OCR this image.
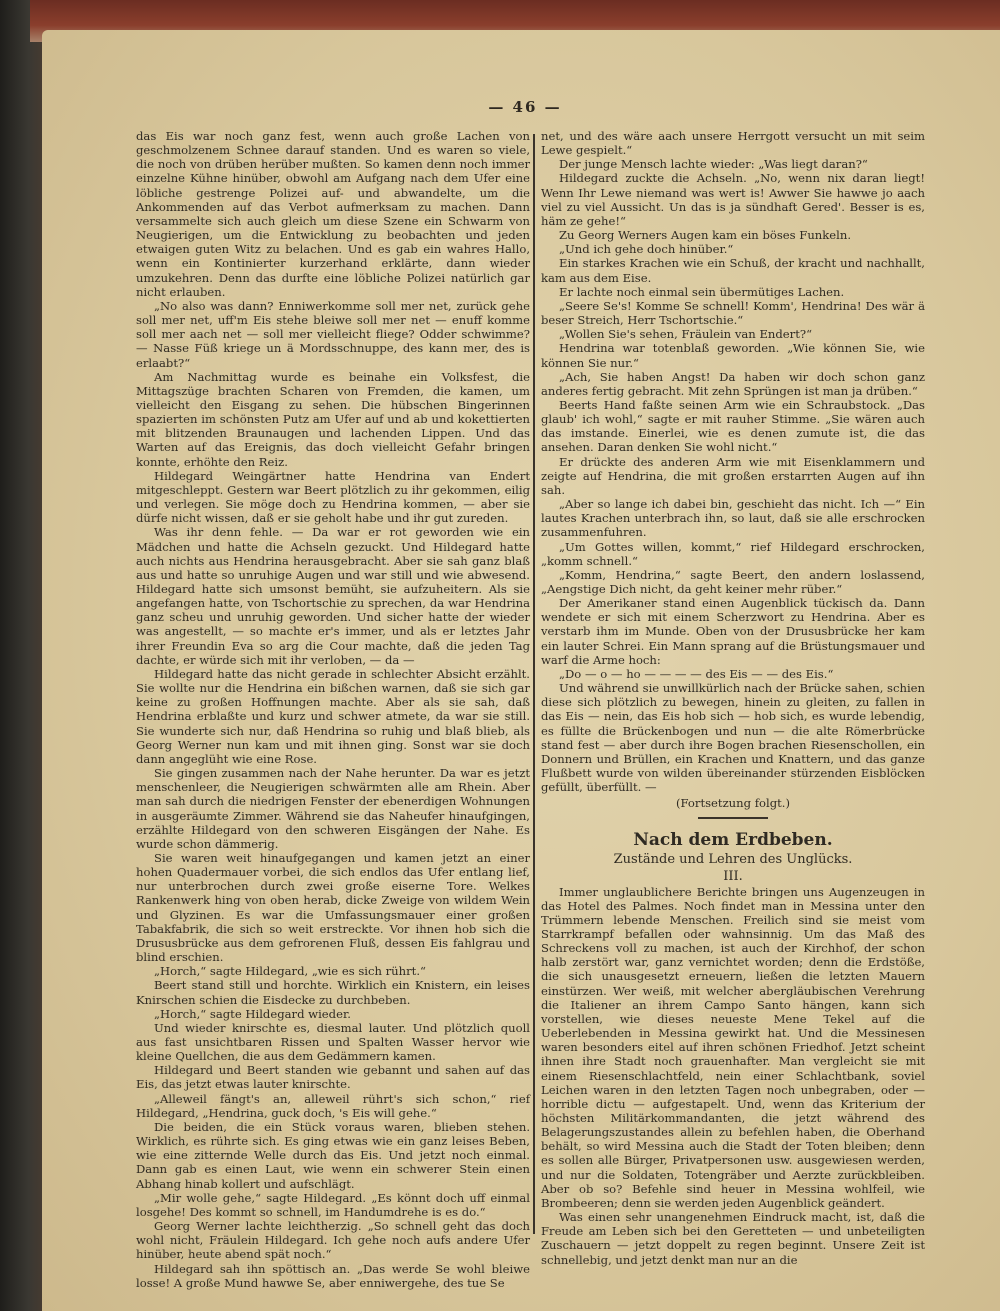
— 46 —

das Eis war noch ganz fest, wenn auch große Lachen von geschmolzenem Schnee darauf standen. Und es waren so viele, die noch von drüben herüber mußten. So kamen denn noch immer einzelne Kühne hinüber, obwohl am Aufgang nach dem Ufer eine löbliche gestrenge Polizei auf- und abwandelte, um die Ankommenden auf das Verbot aufmerksam zu machen. Dann versammelte sich auch gleich um diese Szene ein Schwarm von Neugierigen, um die Entwicklung zu beobachten und jeden etwaigen guten Witz zu belachen. Und es gab ein wahres Hallo, wenn ein Kontinierter kurzerhand erklärte, dann wieder umzukehren. Denn das durfte eine löbliche Polizei natürlich gar nicht erlauben.

„No also was dann? Enniwerkomme soll mer net, zurück gehe soll mer net, uff'm Eis stehe bleiwe soll mer net — enuff komme soll mer aach net — soll mer vielleicht fliege? Odder schwimme? — Nasse Füß kriege un ä Mordsschnuppe, des kann mer, des is erlaabt?“

Am Nachmittag wurde es beinahe ein Volksfest, die Mittagszüge brachten Scharen von Fremden, die kamen, um vielleicht den Eisgang zu sehen. Die hübschen Bingerinnen spazierten im schönsten Putz am Ufer auf und ab und kokettierten mit blitzenden Braunaugen und lachenden Lippen. Und das Warten auf das Ereignis, das doch vielleicht Gefahr bringen konnte, erhöhte den Reiz.

Hildegard Weingärtner hatte Hendrina van Endert mitgeschleppt. Gestern war Beert plötzlich zu ihr gekommen, eilig und verlegen. Sie möge doch zu Hendrina kommen, — aber sie dürfe nicht wissen, daß er sie geholt habe und ihr gut zureden.

Was ihr denn fehle. — Da war er rot geworden wie ein Mädchen und hatte die Achseln gezuckt. Und Hildegard hatte auch nichts aus Hendrina herausgebracht. Aber sie sah ganz blaß aus und hatte so unruhige Augen und war still und wie abwesend. Hildegard hatte sich umsonst bemüht, sie aufzuheitern. Als sie angefangen hatte, von Tschortschie zu sprechen, da war Hendrina ganz scheu und unruhig geworden. Und sicher hatte der wieder was angestellt, — so machte er's immer, und als er letztes Jahr ihrer Freundin Eva so arg die Cour machte, daß die jeden Tag dachte, er würde sich mit ihr verloben, — da —

Hildegard hatte das nicht gerade in schlechter Absicht erzählt. Sie wollte nur die Hendrina ein bißchen warnen, daß sie sich gar keine zu großen Hoffnungen machte. Aber als sie sah, daß Hendrina erblaßte und kurz und schwer atmete, da war sie still. Sie wunderte sich nur, daß Hendrina so ruhig und blaß blieb, als Georg Werner nun kam und mit ihnen ging. Sonst war sie doch dann angeglüht wie eine Rose.

Sie gingen zusammen nach der Nahe herunter. Da war es jetzt menschenleer, die Neugierigen schwärmten alle am Rhein. Aber man sah durch die niedrigen Fenster der ebenerdigen Wohnungen in ausgeräumte Zimmer. Während sie das Naheufer hinaufgingen, erzählte Hildegard von den schweren Eisgängen der Nahe. Es wurde schon dämmerig.

Sie waren weit hinaufgegangen und kamen jetzt an einer hohen Quadermauer vorbei, die sich endlos das Ufer entlang lief, nur unterbrochen durch zwei große eiserne Tore. Welkes Rankenwerk hing von oben herab, dicke Zweige von wildem Wein und Glyzinen. Es war die Umfassungsmauer einer großen Tabakfabrik, die sich so weit erstreckte. Vor ihnen hob sich die Drususbrücke aus dem gefrorenen Fluß, dessen Eis fahlgrau und blind erschien.

„Horch,“ sagte Hildegard, „wie es sich rührt.“

Beert stand still und horchte. Wirklich ein Knistern, ein leises Knirschen schien die Eisdecke zu durchbeben.

„Horch,“ sagte Hildegard wieder.

Und wieder knirschte es, diesmal lauter. Und plötzlich quoll aus fast unsichtbaren Rissen und Spalten Wasser hervor wie kleine Quellchen, die aus dem Gedämmern kamen.

Hildegard und Beert standen wie gebannt und sahen auf das Eis, das jetzt etwas lauter knirschte.

„Alleweil fängt's an, alleweil rührt's sich schon,“ rief Hildegard, „Hendrina, guck doch, 's Eis will gehe.“

Die beiden, die ein Stück voraus waren, blieben stehen. Wirklich, es rührte sich. Es ging etwas wie ein ganz leises Beben, wie eine zitternde Welle durch das Eis. Und jetzt noch einmal. Dann gab es einen Laut, wie wenn ein schwerer Stein einen Abhang hinab kollert und aufschlägt.

„Mir wolle gehe,“ sagte Hildegard. „Es könnt doch uff einmal losgehe! Des kommt so schnell, im Handumdrehe is es do.“

Georg Werner lachte leichtherzig. „So schnell geht das doch wohl nicht, Fräulein Hildegard. Ich gehe noch aufs andere Ufer hinüber, heute abend spät noch.“

Hildegard sah ihn spöttisch an. „Das werde Se wohl bleiwe losse! A große Mund hawwe Se, aber enniwergehe, des tue Se

net, und des wäre aach unsere Herrgott versucht un mit seim Lewe gespielt.“

Der junge Mensch lachte wieder: „Was liegt daran?“

Hildegard zuckte die Achseln. „No, wenn nix daran liegt! Wenn Ihr Lewe niemand was wert is! Awwer Sie hawwe jo aach viel zu viel Aussicht. Un das is ja sündhaft Gered'. Besser is es, häm ze gehe!“

Zu Georg Werners Augen kam ein böses Funkeln.

„Und ich gehe doch hinüber.“

Ein starkes Krachen wie ein Schuß, der kracht und nachhallt, kam aus dem Eise.

Er lachte noch einmal sein übermütiges Lachen.

„Seere Se's! Komme Se schnell! Komm', Hendrina! Des wär ä beser Streich, Herr Tschortschie.“

„Wollen Sie's sehen, Fräulein van Endert?“

Hendrina war totenblaß geworden. „Wie können Sie, wie können Sie nur.“

„Ach, Sie haben Angst! Da haben wir doch schon ganz anderes fertig gebracht. Mit zehn Sprüngen ist man ja drüben.“

Beerts Hand faßte seinen Arm wie ein Schraubstock. „Das glaub' ich wohl,“ sagte er mit rauher Stimme. „Sie wären auch das imstande. Einerlei, wie es denen zumute ist, die das ansehen. Daran denken Sie wohl nicht.“

Er drückte des anderen Arm wie mit Eisenklammern und zeigte auf Hendrina, die mit großen erstarrten Augen auf ihn sah.

„Aber so lange ich dabei bin, geschieht das nicht. Ich —“ Ein lautes Krachen unterbrach ihn, so laut, daß sie alle erschrocken zusammenfuhren.

„Um Gottes willen, kommt,“ rief Hildegard erschrocken, „komm schnell.“

„Komm, Hendrina,“ sagte Beert, den andern loslassend, „Aengstige Dich nicht, da geht keiner mehr rüber.“

Der Amerikaner stand einen Augenblick tückisch da. Dann wendete er sich mit einem Scherzwort zu Hendrina. Aber es verstarb ihm im Munde. Oben von der Drususbrücke her kam ein lauter Schrei. Ein Mann sprang auf die Brüstungsmauer und warf die Arme hoch:

„Do — o — ho — — — — des Eis — — des Eis.“

Und während sie unwillkürlich nach der Brücke sahen, schien diese sich plötzlich zu bewegen, hinein zu gleiten, zu fallen in das Eis — nein, das Eis hob sich — hob sich, es wurde lebendig, es füllte die Brückenbogen und nun — die alte Römerbrücke stand fest — aber durch ihre Bogen brachen Riesenschollen, ein Donnern und Brüllen, ein Krachen und Knattern, und das ganze Flußbett wurde von wilden übereinander stürzenden Eisblöcken gefüllt, überfüllt. —

(Fortsetzung folgt.)
Nach dem Erdbeben.
Zustände und Lehren des Unglücks.
III.

Immer unglaublichere Berichte bringen uns Augenzeugen in das Hotel des Palmes. Noch findet man in Messina unter den Trümmern lebende Menschen. Freilich sind sie meist vom Starrkrampf befallen oder wahnsinnig. Um das Maß des Schreckens voll zu machen, ist auch der Kirchhof, der schon halb zerstört war, ganz vernichtet worden; denn die Erdstöße, die sich unausgesetzt erneuern, ließen die letzten Mauern einstürzen. Wer weiß, mit welcher abergläubischen Verehrung die Italiener an ihrem Campo Santo hängen, kann sich vorstellen, wie dieses neueste Mene Tekel auf die Ueberlebenden in Messina gewirkt hat. Und die Messinesen waren besonders eitel auf ihren schönen Friedhof. Jetzt scheint ihnen ihre Stadt noch grauenhafter. Man vergleicht sie mit einem Riesenschlachtfeld, nein einer Schlachtbank, soviel Leichen waren in den letzten Tagen noch unbegraben, oder — horrible dictu — aufgestapelt. Und, wenn das Kriterium der höchsten Militärkommandanten, die jetzt während des Belagerungszustandes allein zu befehlen haben, die Oberhand behält, so wird Messina auch die Stadt der Toten bleiben; denn es sollen alle Bürger, Privatpersonen usw. ausgewiesen werden, und nur die Soldaten, Totengräber und Aerzte zurückbleiben. Aber ob so? Befehle sind heuer in Messina wohlfeil, wie Brombeeren; denn sie werden jeden Augenblick geändert.

Was einen sehr unangenehmen Eindruck macht, ist, daß die Freude am Leben sich bei den Geretteten — und unbeteiligten Zuschauern — jetzt doppelt zu regen beginnt. Unsere Zeit ist schnellebig, und jetzt denkt man nur an die
